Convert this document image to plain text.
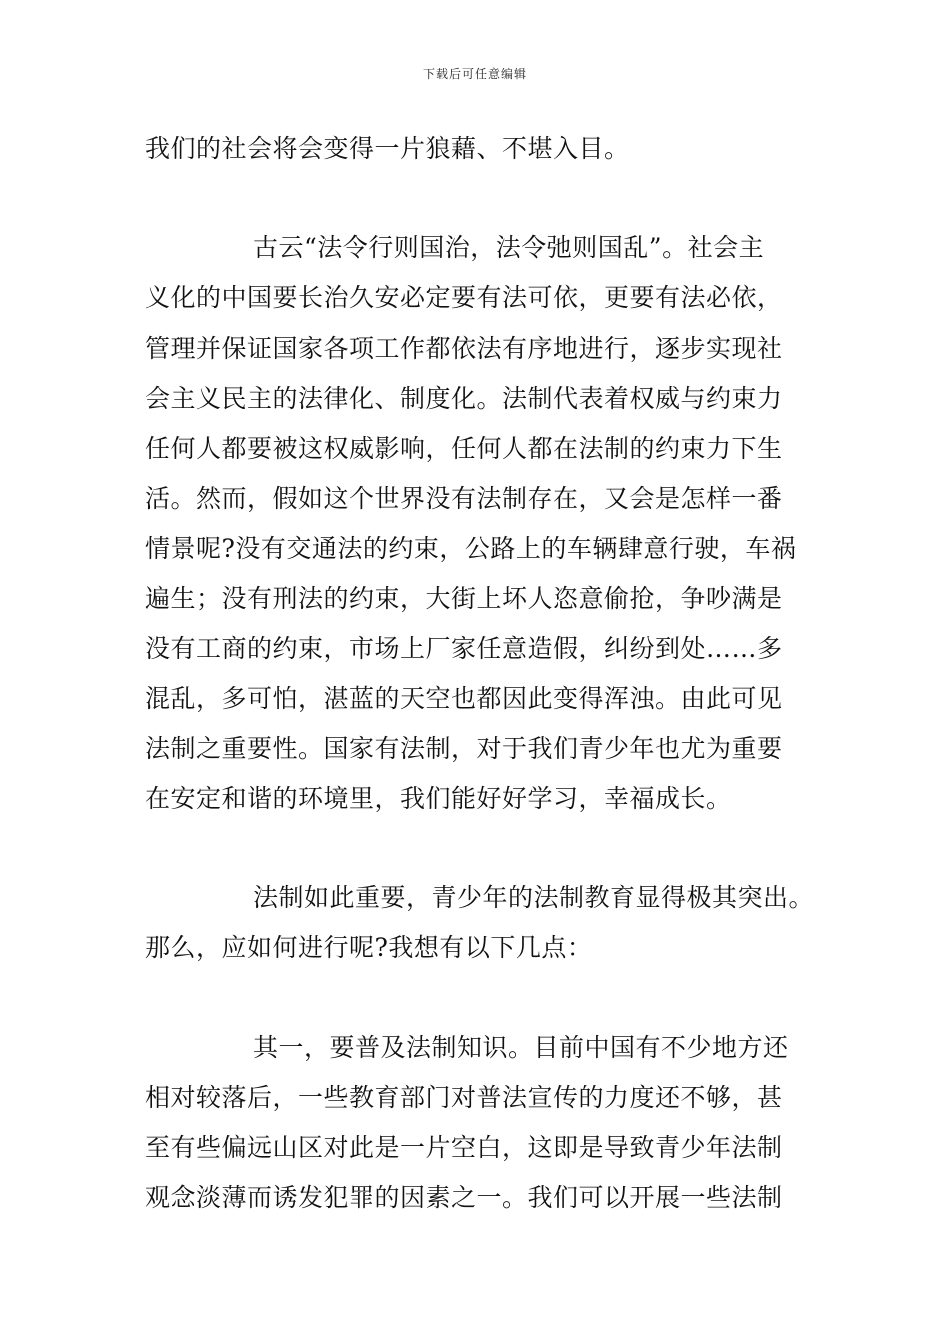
下载后可任意编辑
我们的社会将会变得一片狼藉、不堪入目。
古云“法令行则国治，法令弛则国乱”。社会主
义化的中国要长治久安必定要有法可依，更要有法必依，
管理并保证国家各项工作都依法有序地进行，逐步实现社
会主义民主的法律化、制度化。法制代表着权威与约束力
任何人都要被这权威影响，任何人都在法制的约束力下生
活。然而，假如这个世界没有法制存在，又会是怎样一番
情景呢?没有交通法的约束，公路上的车辆肆意行驶，车祸
遍生；没有刑法的约束，大街上坏人恣意偷抢，争吵满是
没有工商的约束，市场上厂家任意造假，纠纷到处……多
混乱，多可怕，湛蓝的天空也都因此变得浑浊。由此可见
法制之重要性。国家有法制，对于我们青少年也尤为重要
在安定和谐的环境里，我们能好好学习，幸福成长。
法制如此重要，青少年的法制教育显得极其突出。
那么，应如何进行呢?我想有以下几点：
其一，要普及法制知识。目前中国有不少地方还
相对较落后，一些教育部门对普法宣传的力度还不够，甚
至有些偏远山区对此是一片空白，这即是导致青少年法制
观念淡薄而诱发犯罪的因素之一。我们可以开展一些法制
